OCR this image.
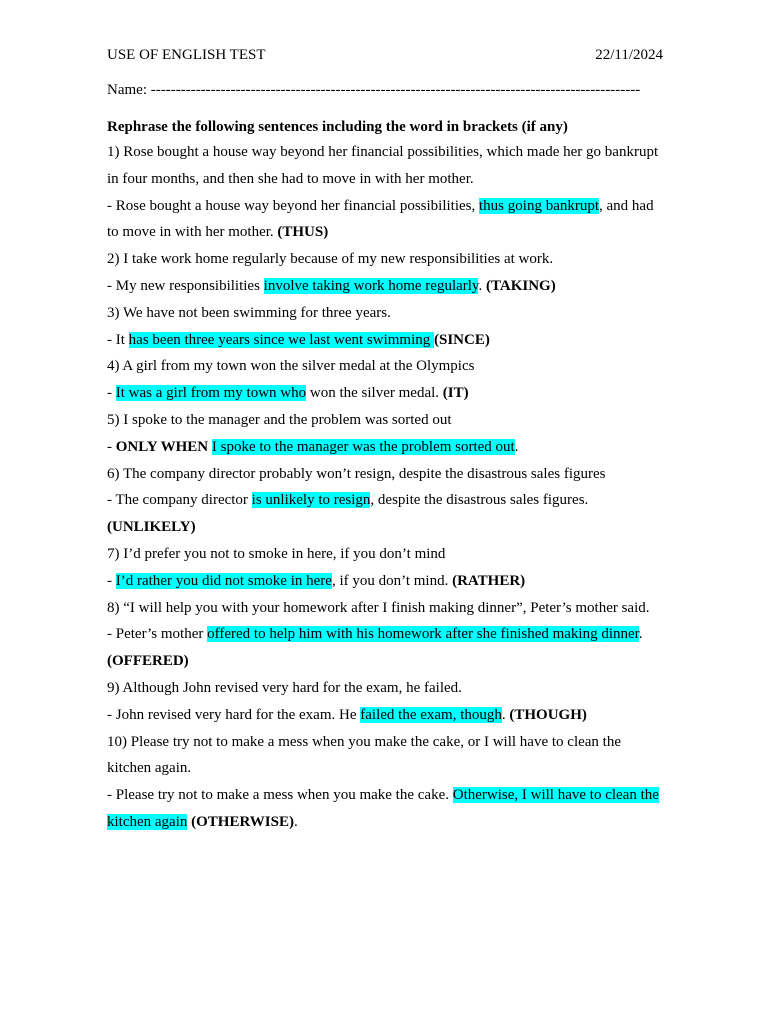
USE OF ENGLISH TEST	22/11/2024
Name: --------------------------------------------------------------------------------------------------
Rephrase the following sentences including the word in brackets (if any)

1) Rose bought a house way beyond her financial possibilities, which made her go bankrupt in four months, and then she had to move in with her mother.

- Rose bought a house way beyond her financial possibilities, thus going bankrupt, and had to move in with her mother. (THUS)

2) I take work home regularly because of my new responsibilities at work.

- My new responsibilities involve taking work home regularly. (TAKING)

3) We have not been swimming for three years.

- It has been three years since we last went swimming (SINCE)

4) A girl from my town won the silver medal at the Olympics

- It was a girl from my town who won the silver medal. (IT)

5) I spoke to the manager and the problem was sorted out

- ONLY WHEN I spoke to the manager was the problem sorted out.

6) The company director probably won’t resign, despite the disastrous sales figures

- The company director is unlikely to resign, despite the disastrous sales figures. (UNLIKELY)

7) I’d prefer you not to smoke in here, if you don’t mind

- I’d rather you did not smoke in here, if you don’t mind. (RATHER)

8) “I will help you with your homework after I finish making dinner”, Peter’s mother said.

- Peter’s mother offered to help him with his homework after she finished making dinner. (OFFERED)

9) Although John revised very hard for the exam, he failed.

- John revised very hard for the exam. He failed the exam, though. (THOUGH)

10) Please try not to make a mess when you make the cake, or I will have to clean the kitchen again.

- Please try not to make a mess when you make the cake. Otherwise, I will have to clean the kitchen again (OTHERWISE).
